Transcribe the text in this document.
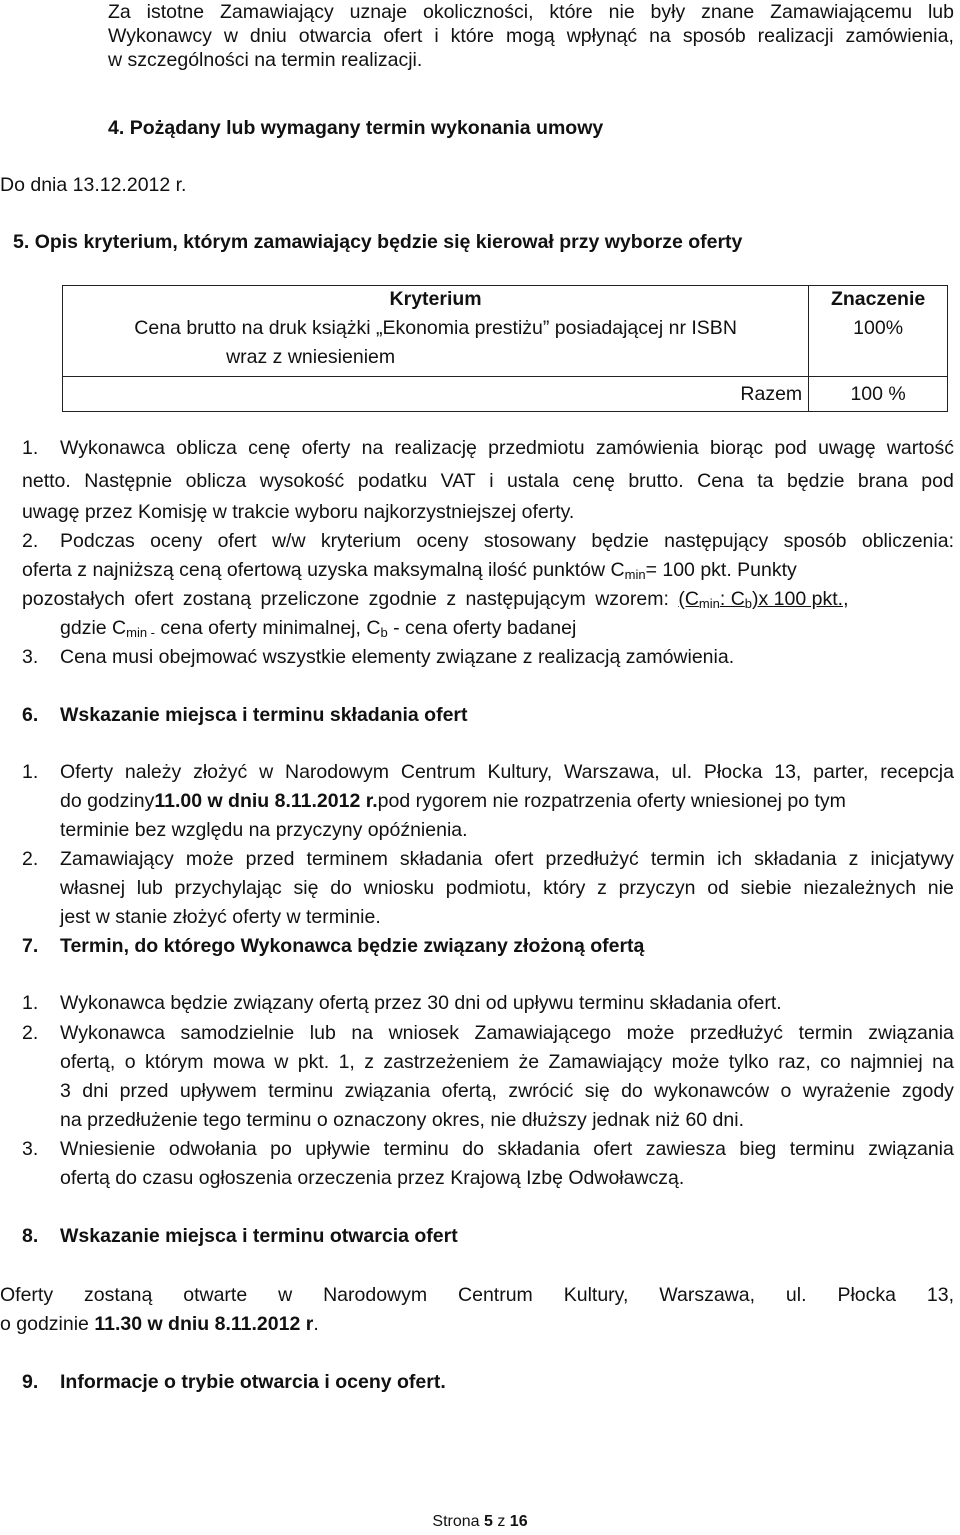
Za istotne Zamawiający uznaje okoliczności, które nie były znane Zamawiającemu lub
Wykonawcy w dniu otwarcia ofert i które mogą wpłynąć na sposób realizacji zamówienia,
w szczególności na termin realizacji.
4. Pożądany lub wymagany termin wykonania umowy
Do dnia 13.12.2012 r.
5. Opis kryterium, którym zamawiający będzie się kierował przy wyborze oferty
Kryterium	Znaczenie

Cena brutto na druk książki „Ekonomia prestiżu” posiadającej nr ISBN
wraz z wniesieniem	100%
Razem	100 %
1. Wykonawca oblicza cenę oferty na realizację przedmiotu zamówienia biorąc pod uwagę wartość
netto. Następnie oblicza wysokość podatku VAT i ustala cenę brutto. Cena ta będzie brana pod
uwagę przez Komisję w trakcie wyboru najkorzystniejszej oferty.
2. Podczas oceny ofert w/w kryterium oceny stosowany będzie następujący sposób obliczenia:
oferta z najniższą ceną ofertową uzyska maksymalną ilość punktów $C_{min}= 100$ pkt. Punkty
pozostałych ofert zostaną przeliczone zgodnie z następującym wzorem: ($C_{min}$: $C_b)x$ 100 pkt.,
gdzie $C_{min -}$ cena oferty minimalnej, $C_b$ - cena oferty badanej
3. Cena musi obejmować wszystkie elementy związane z realizacją zamówienia.
6. Wskazanie miejsca i terminu składania ofert
1. Oferty należy złożyć w Narodowym Centrum Kultury, Warszawa, ul. Płocka 13, parter, recepcja
do godziny11.00 w dniu 8.11.2012 r.pod rygorem nie rozpatrzenia oferty wniesionej po tym
terminie bez względu na przyczyny opóźnienia.
2. Zamawiający może przed terminem składania ofert przedłużyć termin ich składania z inicjatywy
własnej lub przychylając się do wniosku podmiotu, który z przyczyn od siebie niezależnych nie
jest w stanie złożyć oferty w terminie.
7. Termin, do którego Wykonawca będzie związany złożoną ofertą
1. Wykonawca będzie związany ofertą przez 30 dni od upływu terminu składania ofert.
2. Wykonawca samodzielnie lub na wniosek Zamawiającego może przedłużyć termin związania
ofertą, o którym mowa w pkt. 1, z zastrzeżeniem że Zamawiający może tylko raz, co najmniej na
3 dni przed upływem terminu związania ofertą, zwrócić się do wykonawców o wyrażenie zgody
na przedłużenie tego terminu o oznaczony okres, nie dłuższy jednak niż 60 dni.
3. Wniesienie odwołania po upływie terminu do składania ofert zawiesza bieg terminu związania
ofertą do czasu ogłoszenia orzeczenia przez Krajową Izbę Odwoławczą.
8. Wskazanie miejsca i terminu otwarcia ofert
Oferty zostaną otwarte w Narodowym Centrum Kultury, Warszawa, ul. Płocka 13,
o godzinie 11.30 w dniu 8.11.2012 r.
9. Informacje o trybie otwarcia i oceny ofert.
Strona 5 z 16
